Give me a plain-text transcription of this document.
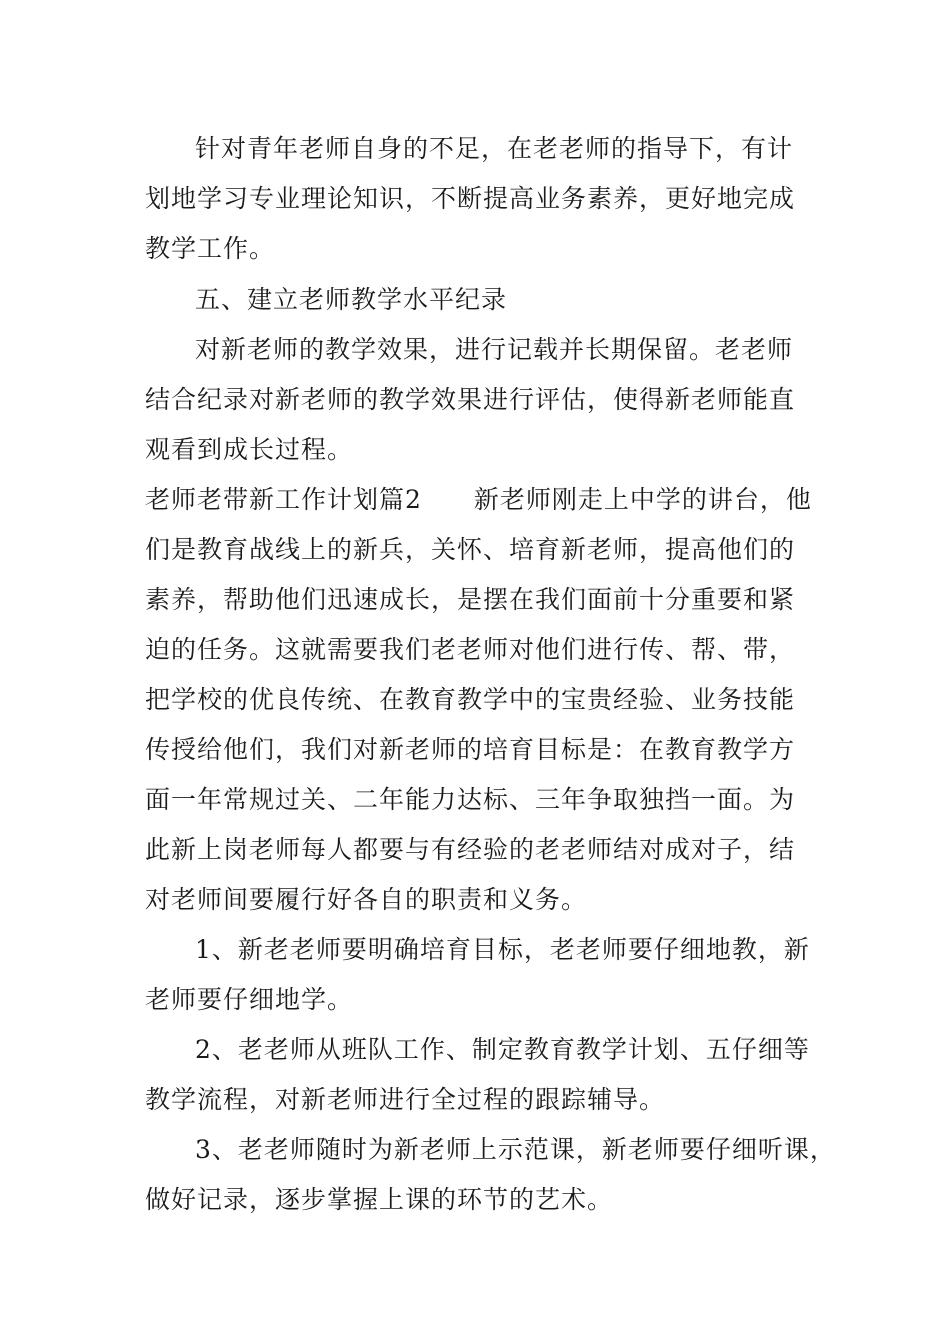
针对青年老师自身的不足，在老老师的指导下，有计
划地学习专业理论知识，不断提高业务素养，更好地完成
教学工作。
五、建立老师教学水平纪录
对新老师的教学效果，进行记载并长期保留。老老师
结合纪录对新老师的教学效果进行评估，使得新老师能直
观看到成长过程。
老师老带新工作计划篇2 新老师刚走上中学的讲台，他
们是教育战线上的新兵，关怀、培育新老师，提高他们的
素养，帮助他们迅速成长，是摆在我们面前十分重要和紧
迫的任务。这就需要我们老老师对他们进行传、帮、带，
把学校的优良传统、在教育教学中的宝贵经验、业务技能
传授给他们，我们对新老师的培育目标是：在教育教学方
面一年常规过关、二年能力达标、三年争取独挡一面。为
此新上岗老师每人都要与有经验的老老师结对成对子，结
对老师间要履行好各自的职责和义务。
1、新老老师要明确培育目标，老老师要仔细地教，新
老师要仔细地学。
2、老老师从班队工作、制定教育教学计划、五仔细等
教学流程，对新老师进行全过程的跟踪辅导。
3、老老师随时为新老师上示范课，新老师要仔细听课，
做好记录，逐步掌握上课的环节的艺术。
